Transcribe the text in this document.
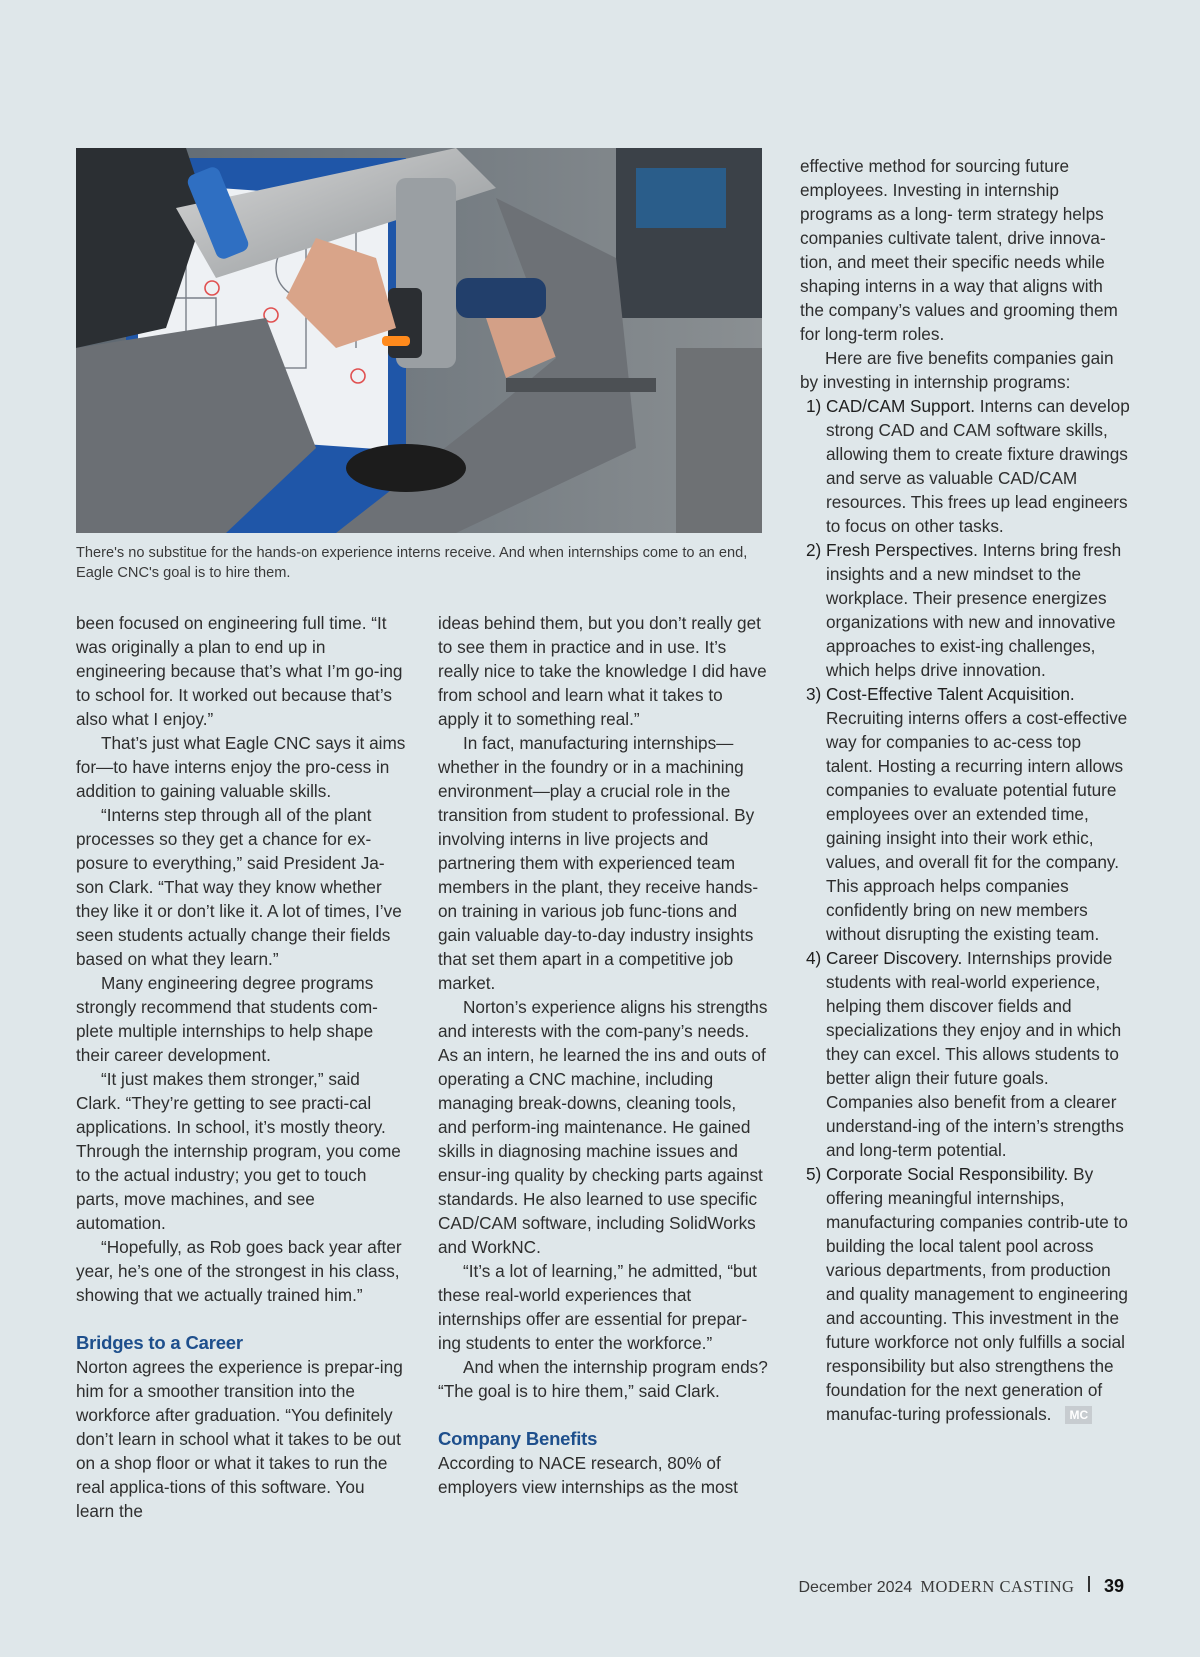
There's no substitue for the hands-on experience interns receive. And when internships come to an end, Eagle CNC's goal is to hire them.

been focused on engineering full time. “It was originally a plan to end up in engineering because that’s what I’m go-ing to school for. It worked out because that’s also what I enjoy.”

That’s just what Eagle CNC says it aims for—to have interns enjoy the pro-cess in addition to gaining valuable skills.

“Interns step through all of the plant processes so they get a chance for ex-posure to everything,” said President Ja-son Clark. “That way they know whether they like it or don’t like it. A lot of times, I’ve seen students actually change their fields based on what they learn.”

Many engineering degree programs strongly recommend that students com-plete multiple internships to help shape their career development.

“It just makes them stronger,” said Clark. “They’re getting to see practi-cal applications. In school, it’s mostly theory. Through the internship program, you come to the actual industry; you get to touch parts, move machines, and see automation.

“Hopefully, as Rob goes back year after year, he’s one of the strongest in his class, showing that we actually trained him.”

Bridges to a Career

Norton agrees the experience is prepar-ing him for a smoother transition into the workforce after graduation. “You definitely don’t learn in school what it takes to be out on a shop floor or what it takes to run the real applica-tions of this software. You learn the

ideas behind them, but you don’t really get to see them in practice and in use. It’s really nice to take the knowledge I did have from school and learn what it takes to apply it to something real.”

In fact, manufacturing internships—whether in the foundry or in a machining environment—play a crucial role in the transition from student to professional. By involving interns in live projects and partnering them with experienced team members in the plant, they receive hands-on training in various job func-tions and gain valuable day-to-day industry insights that set them apart in a competitive job market.

Norton’s experience aligns his strengths and interests with the com-pany’s needs. As an intern, he learned the ins and outs of operating a CNC machine, including managing break-downs, cleaning tools, and perform-ing maintenance. He gained skills in diagnosing machine issues and ensur-ing quality by checking parts against standards. He also learned to use specific CAD/CAM software, including SolidWorks and WorkNC.

“It’s a lot of learning,” he admitted, “but these real-world experiences that internships offer are essential for prepar-ing students to enter the workforce.”

And when the internship program ends? “The goal is to hire them,” said Clark.

Company Benefits

According to NACE research, 80% of employers view internships as the most

effective method for sourcing future employees. Investing in internship programs as a long- term strategy helps companies cultivate talent, drive innova-tion, and meet their specific needs while shaping interns in a way that aligns with the company’s values and grooming them for long-term roles.

Here are five benefits companies gain by investing in internship programs:

1) CAD/CAM Support. Interns can develop strong CAD and CAM software skills, allowing them to create fixture drawings and serve as valuable CAD/CAM resources. This frees up lead engineers to focus on other tasks.
2) Fresh Perspectives. Interns bring fresh insights and a new mindset to the workplace. Their presence energizes organizations with new and innovative approaches to exist-ing challenges, which helps drive innovation.
3) Cost-Effective Talent Acquisition. Recruiting interns offers a cost-effective way for companies to ac-cess top talent. Hosting a recurring intern allows companies to evaluate potential future employees over an extended time, gaining insight into their work ethic, values, and overall fit for the company. This approach helps companies confidently bring on new members without disrupting the existing team.
4) Career Discovery. Internships provide students with real-world experience, helping them discover fields and specializations they enjoy and in which they can excel. This allows students to better align their future goals. Companies also benefit from a clearer understand-ing of the intern’s strengths and long-term potential.
5) Corporate Social Responsibility. By offering meaningful internships, manufacturing companies contrib-ute to building the local talent pool across various departments, from production and quality management to engineering and accounting. This investment in the future workforce not only fulfills a social responsibility but also strengthens the foundation for the next generation of manufac-turing professionals. MC
December 2024 MODERN CASTING 39
